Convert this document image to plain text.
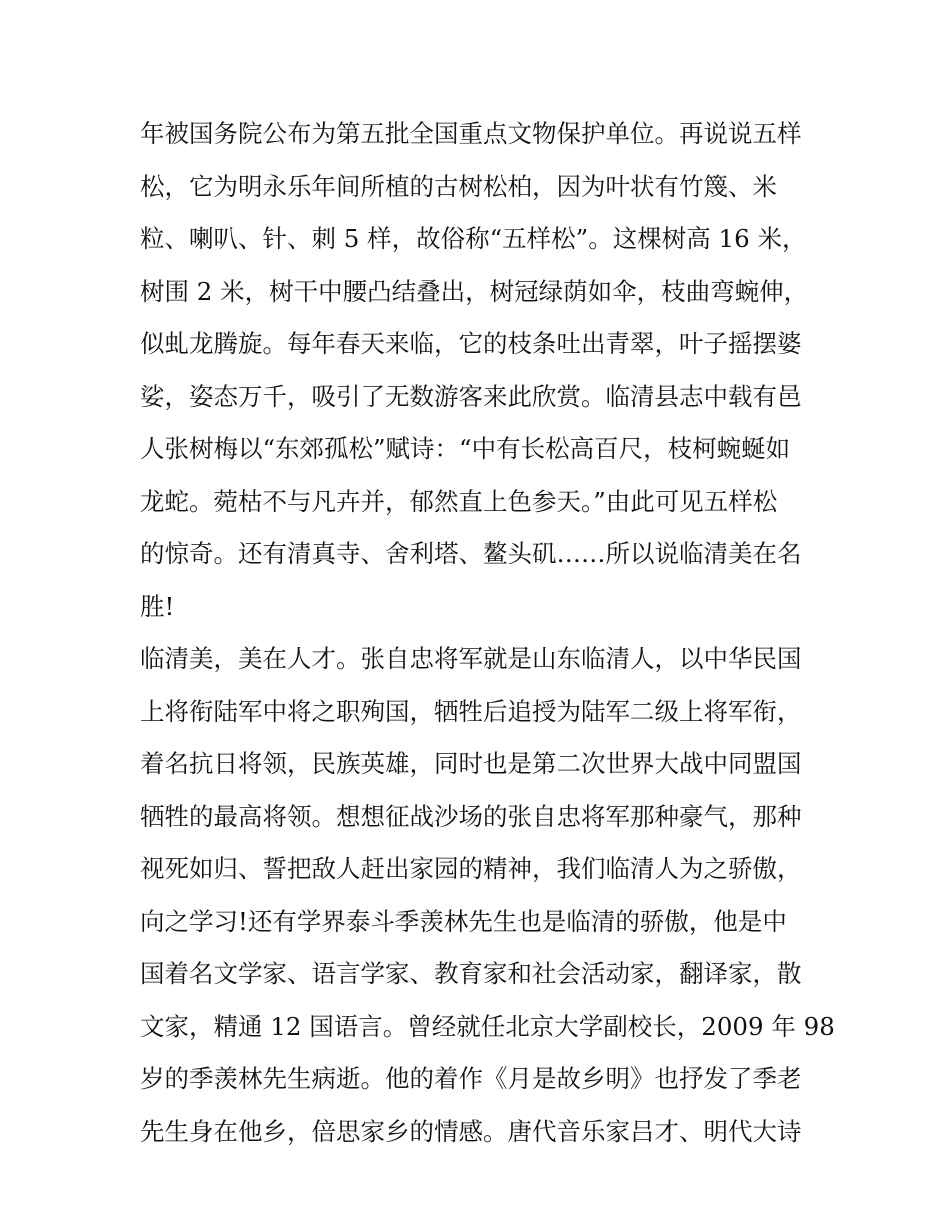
年被国务院公布为第五批全国重点文物保护单位。再说说五样
松，它为明永乐年间所植的古树松柏，因为叶状有竹篾、米
粒、喇叭、针、刺 5 样，故俗称“五样松”。这棵树高 16 米，
树围 2 米，树干中腰凸结叠出，树冠绿荫如伞，枝曲弯蜿伸，
似虬龙腾旋。每年春天来临，它的枝条吐出青翠，叶子摇摆婆
娑，姿态万千，吸引了无数游客来此欣赏。临清县志中载有邑
人张树梅以“东郊孤松”赋诗：“中有长松高百尺，枝柯蜿蜒如
龙蛇。菀枯不与凡卉并，郁然直上色参天。”由此可见五样松
的惊奇。还有清真寺、舍利塔、鳌头矶……所以说临清美在名
胜!
临清美，美在人才。张自忠将军就是山东临清人，以中华民国
上将衔陆军中将之职殉国，牺牲后追授为陆军二级上将军衔，
着名抗日将领，民族英雄，同时也是第二次世界大战中同盟国
牺牲的最高将领。想想征战沙场的张自忠将军那种豪气，那种
视死如归、誓把敌人赶出家园的精神，我们临清人为之骄傲，
向之学习!还有学界泰斗季羡林先生也是临清的骄傲，他是中
国着名文学家、语言学家、教育家和社会活动家，翻译家，散
文家，精通 12 国语言。曾经就任北京大学副校长，2009 年 98
岁的季羡林先生病逝。他的着作《月是故乡明》也抒发了季老
先生身在他乡，倍思家乡的情感。唐代音乐家吕才、明代大诗
